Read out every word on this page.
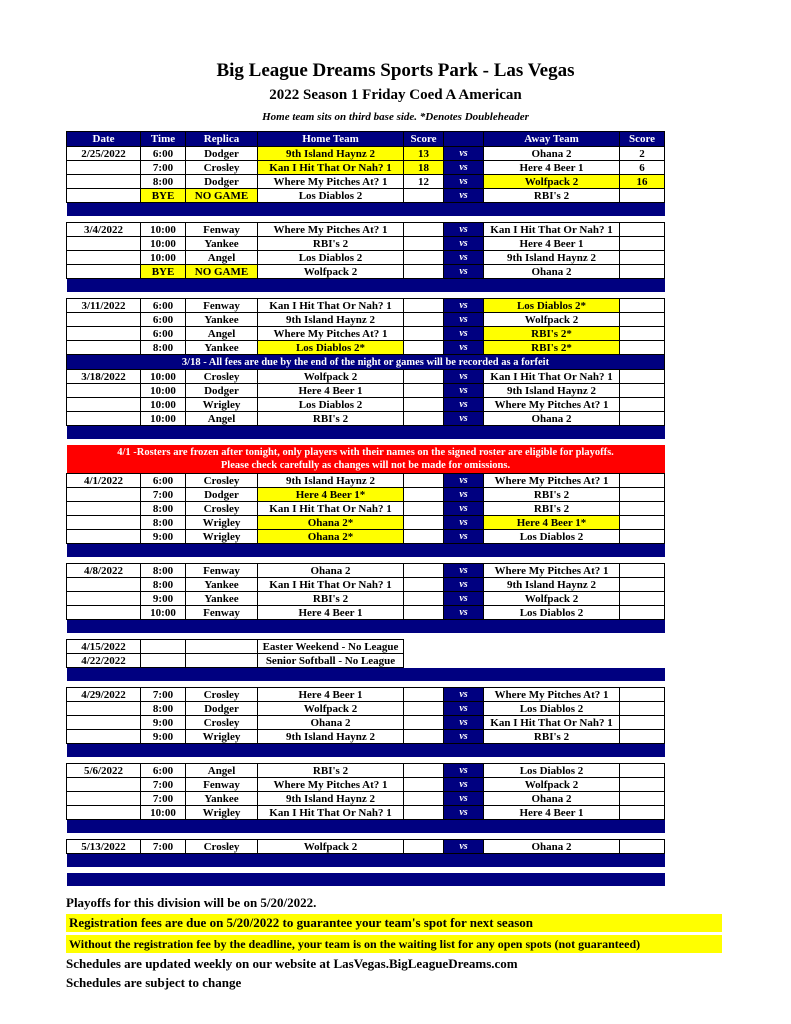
Big League Dreams Sports Park - Las Vegas
2022 Season 1 Friday Coed A American
Home team sits on third base side. *Denotes Doubleheader
Date	Time	Replica	Home Team	Score		Away Team	Score
2/25/2022	6:00	Dodger	9th Island Haynz 2	13	vs	Ohana 2	2
	7:00	Crosley	Kan I Hit That Or Nah? 1	18	vs	Here 4 Beer 1	6
	8:00	Dodger	Where My Pitches At? 1	12	vs	Wolfpack 2	16
	BYE	NO GAME	Los Diablos 2		vs	RBI's 2	

3/4/2022	10:00	Fenway	Where My Pitches At? 1		vs	Kan I Hit That Or Nah? 1	
	10:00	Yankee	RBI's 2		vs	Here 4 Beer 1	
	10:00	Angel	Los Diablos 2		vs	9th Island Haynz 2	
	BYE	NO GAME	Wolfpack 2		vs	Ohana 2	

3/11/2022	6:00	Fenway	Kan I Hit That Or Nah? 1		vs	Los Diablos 2*	
	6:00	Yankee	9th Island Haynz 2		vs	Wolfpack 2	
	6:00	Angel	Where My Pitches At? 1		vs	RBI's 2*	
	8:00	Yankee	Los Diablos 2*		vs	RBI's 2*	
3/18 - All fees are due by the end of the night or games will be recorded as a forfeit							
3/18/2022	10:00	Crosley	Wolfpack 2		vs	Kan I Hit That Or Nah? 1	
	10:00	Dodger	Here 4 Beer 1		vs	9th Island Haynz 2	
	10:00	Wrigley	Los Diablos 2		vs	Where My Pitches At? 1	
	10:00	Angel	RBI's 2		vs	Ohana 2	

4/1 -Rosters are frozen after tonight, only players with their names on the signed roster are eligible for playoffs.
Please check carefully as changes will not be made for omissions.							

4/1/2022	6:00	Crosley	9th Island Haynz 2		vs	Where My Pitches At? 1	
	7:00	Dodger	Here 4 Beer 1*		vs	RBI's 2	
	8:00	Crosley	Kan I Hit That Or Nah? 1		vs	RBI's 2	
	8:00	Wrigley	Ohana 2*		vs	Here 4 Beer 1*	
	9:00	Wrigley	Ohana 2*		vs	Los Diablos 2	

4/8/2022	8:00	Fenway	Ohana 2		vs	Where My Pitches At? 1	
	8:00	Yankee	Kan I Hit That Or Nah? 1		vs	9th Island Haynz 2	
	9:00	Yankee	RBI's 2		vs	Wolfpack 2	
	10:00	Fenway	Here 4 Beer 1		vs	Los Diablos 2	

4/15/2022			Easter Weekend - No League				
4/22/2022			Senior Softball - No League				

4/29/2022	7:00	Crosley	Here 4 Beer 1		vs	Where My Pitches At? 1	
	8:00	Dodger	Wolfpack 2		vs	Los Diablos 2	
	9:00	Crosley	Ohana 2		vs	Kan I Hit That Or Nah? 1	
	9:00	Wrigley	9th Island Haynz 2		vs	RBI's 2	

5/6/2022	6:00	Angel	RBI's 2		vs	Los Diablos 2	
	7:00	Fenway	Where My Pitches At? 1		vs	Wolfpack 2	
	7:00	Yankee	9th Island Haynz 2		vs	Ohana 2	
	10:00	Wrigley	Kan I Hit That Or Nah? 1		vs	Here 4 Beer 1	

5/13/2022	7:00	Crosley	Wolfpack 2		vs	Ohana 2	

Playoffs for this division will be on 5/20/2022.
Registration fees are due on 5/20/2022 to guarantee your team's spot for next season
Without the registration fee by the deadline, your team is on the waiting list for any open spots (not guaranteed)
Schedules are updated weekly on our website at LasVegas.BigLeagueDreams.com
Schedules are subject to change
